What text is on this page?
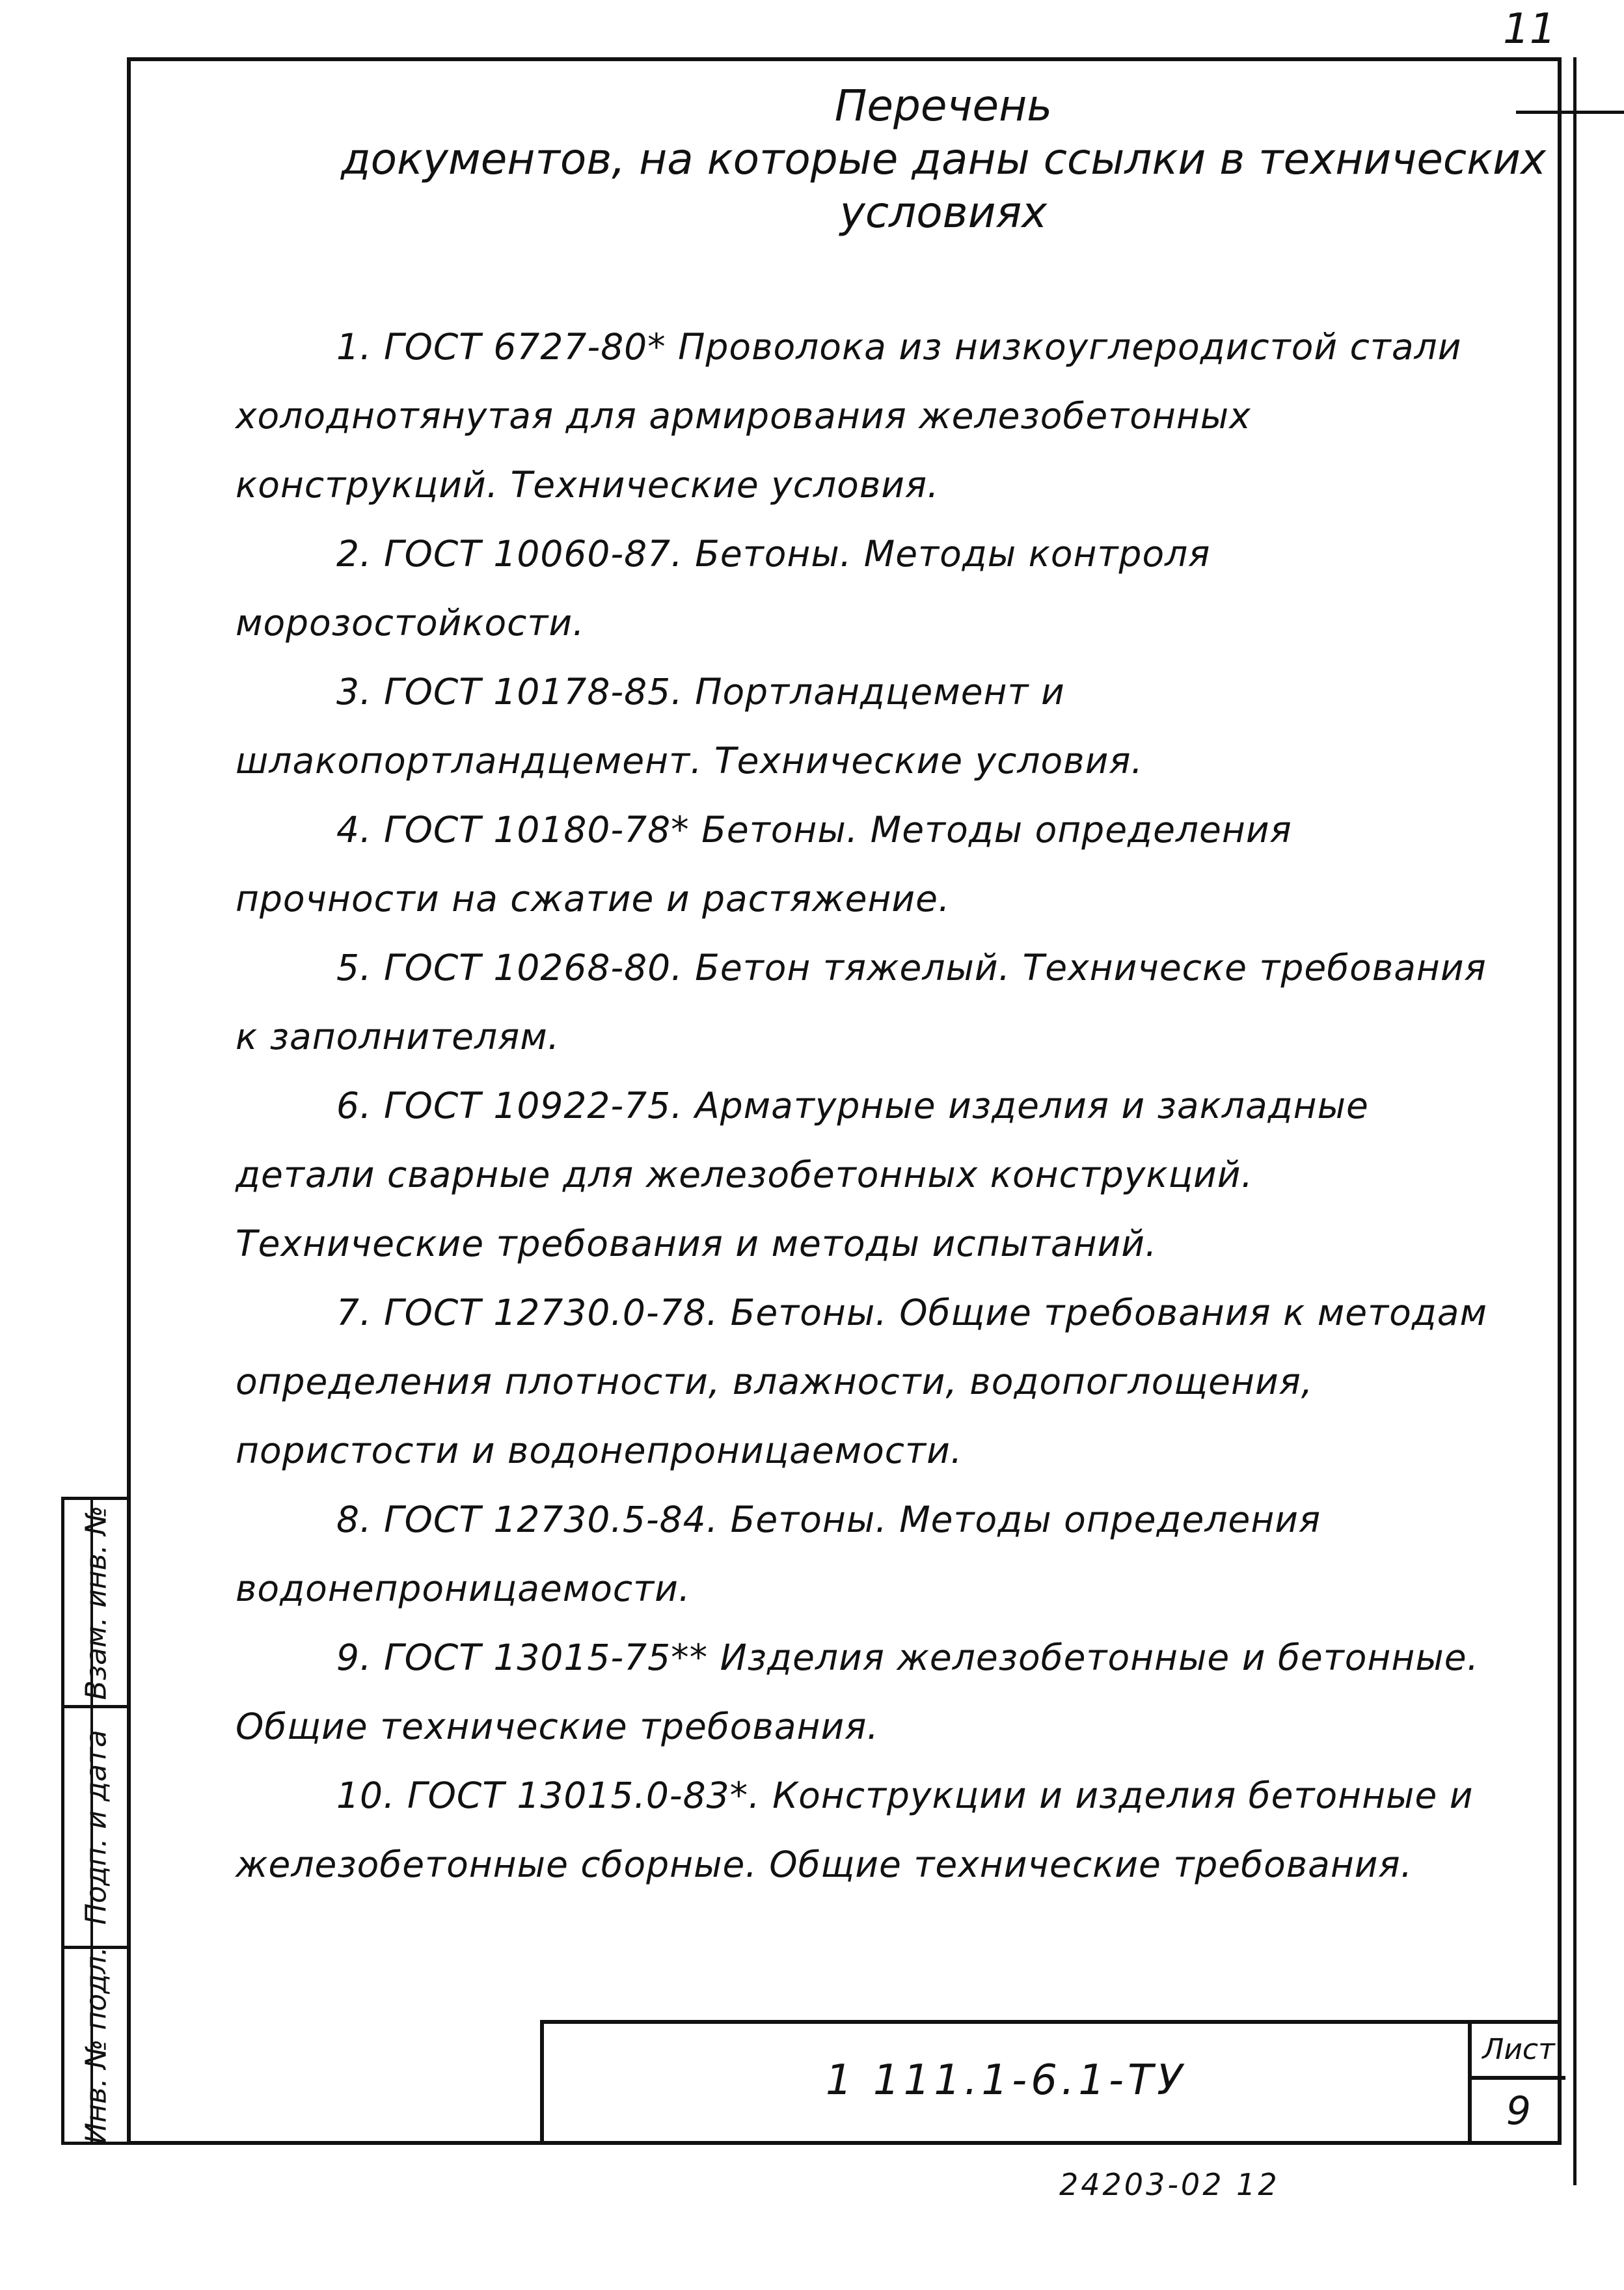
11
Перечень
документов, на которые даны ссылки в технических
условиях
1. ГОСТ 6727-80* Проволока из низкоуглеродистой стали холоднотянутая для армирования железобетонных конструкций. Технические условия.
2. ГОСТ 10060-87. Бетоны. Методы контроля морозостойкости.
3. ГОСТ 10178-85. Портландцемент и шлакопортландцемент. Технические условия.
4. ГОСТ 10180-78* Бетоны. Методы определения прочности на сжатие и растяжение.
5. ГОСТ 10268-80. Бетон тяжелый. Техническе требования к заполнителям.
6. ГОСТ 10922-75. Арматурные изделия и закладные детали сварные для железобетонных конструкций. Технические требования и методы испытаний.
7. ГОСТ 12730.0-78. Бетоны. Общие требования к методам определения плотности, влажности, водопоглощения, пористости и водонепроницаемости.
8. ГОСТ 12730.5-84. Бетоны. Методы определения водонепроницаемости.
9. ГОСТ 13015-75** Изделия железобетонные и бетонные. Общие технические требования.
10. ГОСТ 13015.0-83*. Конструкции и изделия бетонные и железобетонные сборные. Общие технические требования.
Взам. инв. №
Подп. и дата
Инв. № подл.	1 111.1-6.1-ТУ
Лист
9
24203-02 12
